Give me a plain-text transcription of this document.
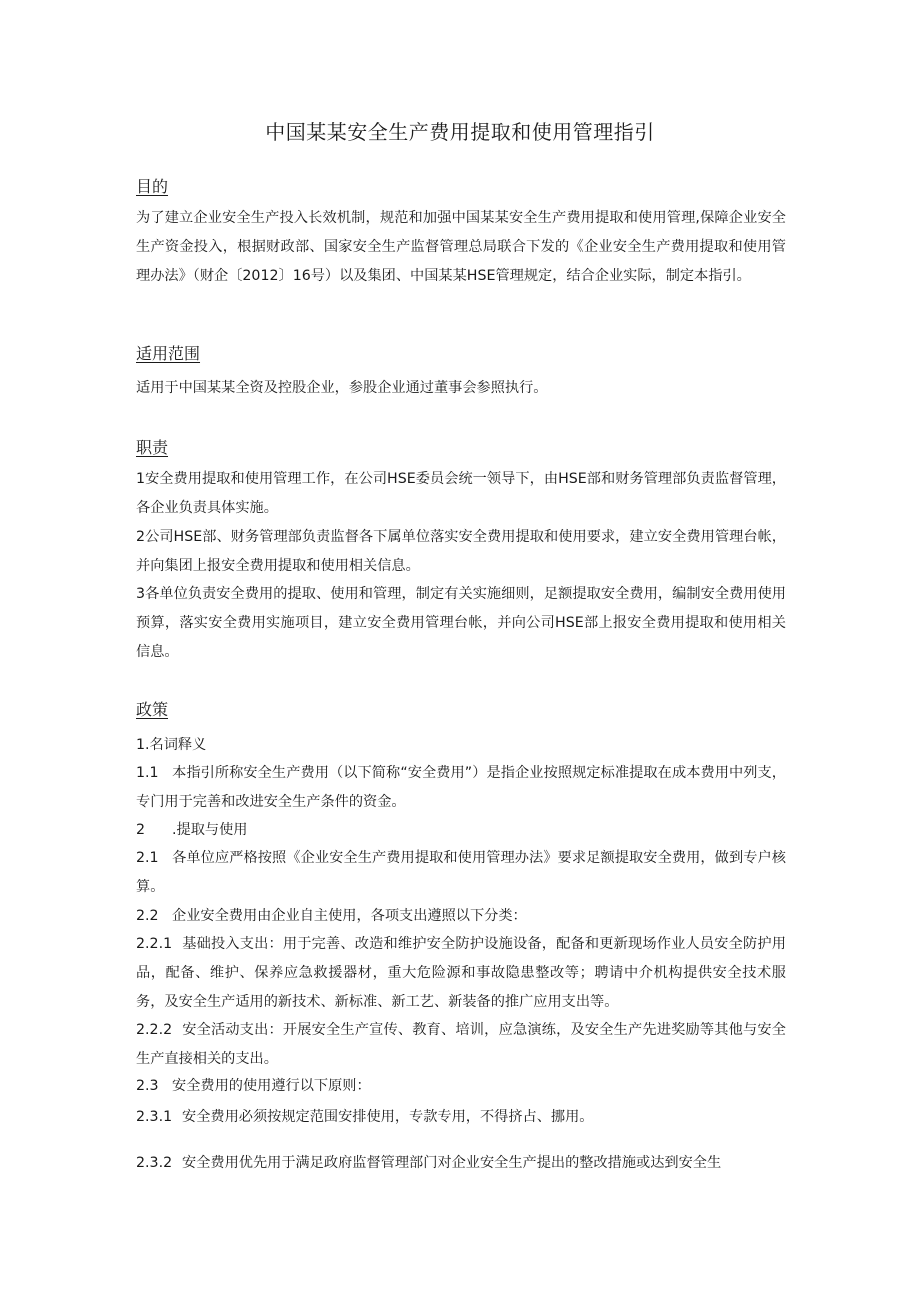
中国某某安全生产费用提取和使用管理指引
目的
为了建立企业安全生产投入长效机制，规范和加强中国某某安全生产费用提取和使用管理,保障企业安全生产资金投入，根据财政部、国家安全生产监督管理总局联合下发的《企业安全生产费用提取和使用管理办法》（财企〔2012〕16号）以及集团、中国某某HSE管理规定，结合企业实际，制定本指引。
适用范围
适用于中国某某全资及控股企业，参股企业通过董事会参照执行。
职责
1安全费用提取和使用管理工作，在公司HSE委员会统一领导下，由HSE部和财务管理部负责监督管理，各企业负责具体实施。
2公司HSE部、财务管理部负责监督各下属单位落实安全费用提取和使用要求，建立安全费用管理台帐，并向集团上报安全费用提取和使用相关信息。
3各单位负责安全费用的提取、使用和管理，制定有关实施细则，足额提取安全费用，编制安全费用使用预算，落实安全费用实施项目，建立安全费用管理台帐，并向公司HSE部上报安全费用提取和使用相关信息。
政策
1.名词释义
1.1 本指引所称安全生产费用（以下简称“安全费用”）是指企业按照规定标准提取在成本费用中列支，专门用于完善和改进安全生产条件的资金。
2 .提取与使用
2.1 各单位应严格按照《企业安全生产费用提取和使用管理办法》要求足额提取安全费用，做到专户核算。
2.2 企业安全费用由企业自主使用，各项支出遵照以下分类：
2.2.1 基础投入支出：用于完善、改造和维护安全防护设施设备，配备和更新现场作业人员安全防护用品，配备、维护、保养应急救援器材，重大危险源和事故隐患整改等；聘请中介机构提供安全技术服务，及安全生产适用的新技术、新标准、新工艺、新装备的推广应用支出等。
2.2.2 安全活动支出：开展安全生产宣传、教育、培训，应急演练，及安全生产先进奖励等其他与安全生产直接相关的支出。
2.3 安全费用的使用遵行以下原则：
2.3.1 安全费用必须按规定范围安排使用，专款专用，不得挤占、挪用。
2.3.2 安全费用优先用于满足政府监督管理部门对企业安全生产提出的整改措施或达到安全生
